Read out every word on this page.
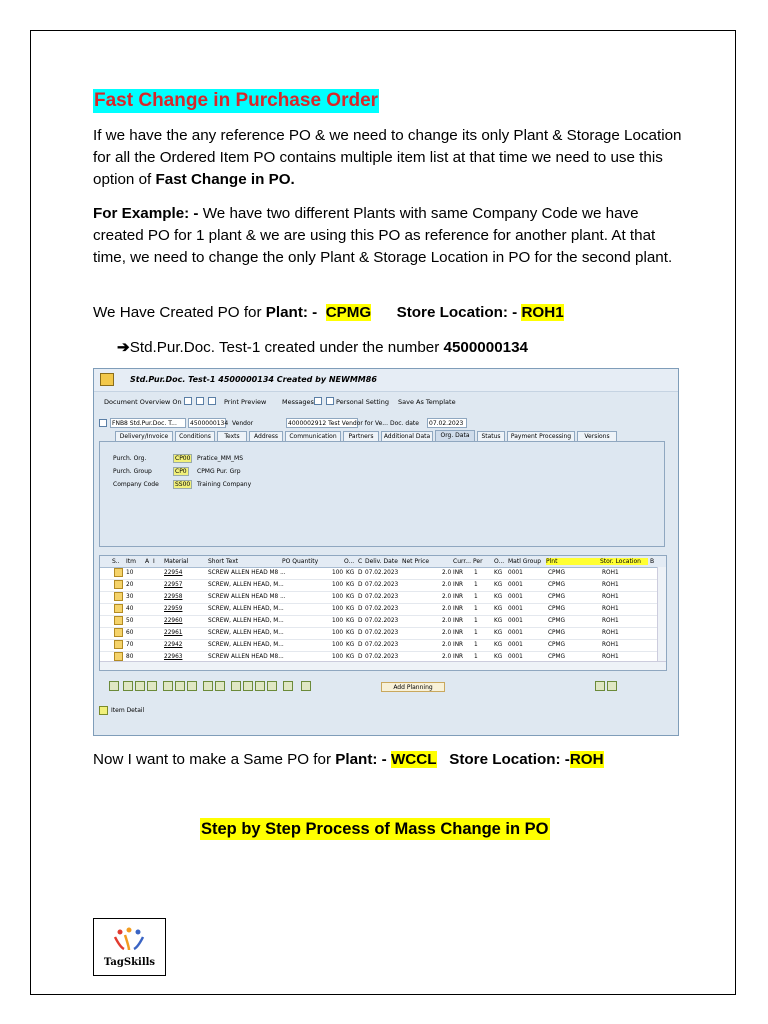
Fast Change in Purchase Order
If we have the any reference PO & we need to change its only Plant & Storage Location for all the Ordered Item PO contains multiple item list at that time we need to use this option of Fast Change in PO.
For Example: - We have two different Plants with same Company Code we have created PO for 1 plant & we are using this PO as reference for another plant. At that time, we need to change the only Plant & Storage Location in PO for the second plant.
We Have Created PO for Plant: -  CPMG Store Location: - ROH1
➔Std.Pur.Doc. Test-1 created under the number 4500000134
Std.Pur.Doc. Test-1 4500000134 Created by NEWMM86
Document Overview On	Print Preview Messages	Personal Setting Save As Template
FNB8 Std.Pur.Doc. T...	4500000134 Vendor	4000002912 Test Vendor for Ve... Doc. date	07.02.2023
Delivery/Invoice	Conditions	Texts	Address	Communication	Partners	Additional Data	Org. Data	Status	Payment Processing	Versions
Purch. Org.	CP00	Pratice_MM_MS
Purch. Group	CP0	CPMG Pur. Grp
Company Code	SS00	Training Company
S.. Itm A I Material	Short Text	PO Quantity	O... C Deliv. Date Net Price	Curr... Per O... Matl Group Plnt	Stor. Location	B
10	22954	SCREW ALLEN HEAD M8 ...	100 KG D 07.02.2023	2.0 INR 1	KG 0001	CPMG	ROH1
20	22957	SCREW, ALLEN HEAD, M...	100 KG D 07.02.2023	2.0 INR 1	KG 0001	CPMG	ROH1
30	22958	SCREW ALLEN HEAD M8 ...	100 KG D 07.02.2023	2.0 INR 1	KG 0001	CPMG	ROH1
40	22959	SCREW, ALLEN HEAD, M...	100 KG D 07.02.2023	2.0 INR 1	KG 0001	CPMG	ROH1
50	22960	SCREW, ALLEN HEAD, M...	100 KG D 07.02.2023	2.0 INR 1	KG 0001	CPMG	ROH1
60	22961	SCREW, ALLEN HEAD, M...	100 KG D 07.02.2023	2.0 INR 1	KG 0001	CPMG	ROH1
70	22942	SCREW, ALLEN HEAD, M...	100 KG D 07.02.2023	2.0 INR 1	KG 0001	CPMG	ROH1
80	22963	SCREW ALLEN HEAD M8...	100 KG D 07.02.2023	2.0 INR 1	KG 0001	CPMG	ROH1
Add Planning
Item Detail
Now I want to make a Same PO for Plant: - WCCL Store Location: -ROH
Step by Step Process of Mass Change in PO
TagSkills
